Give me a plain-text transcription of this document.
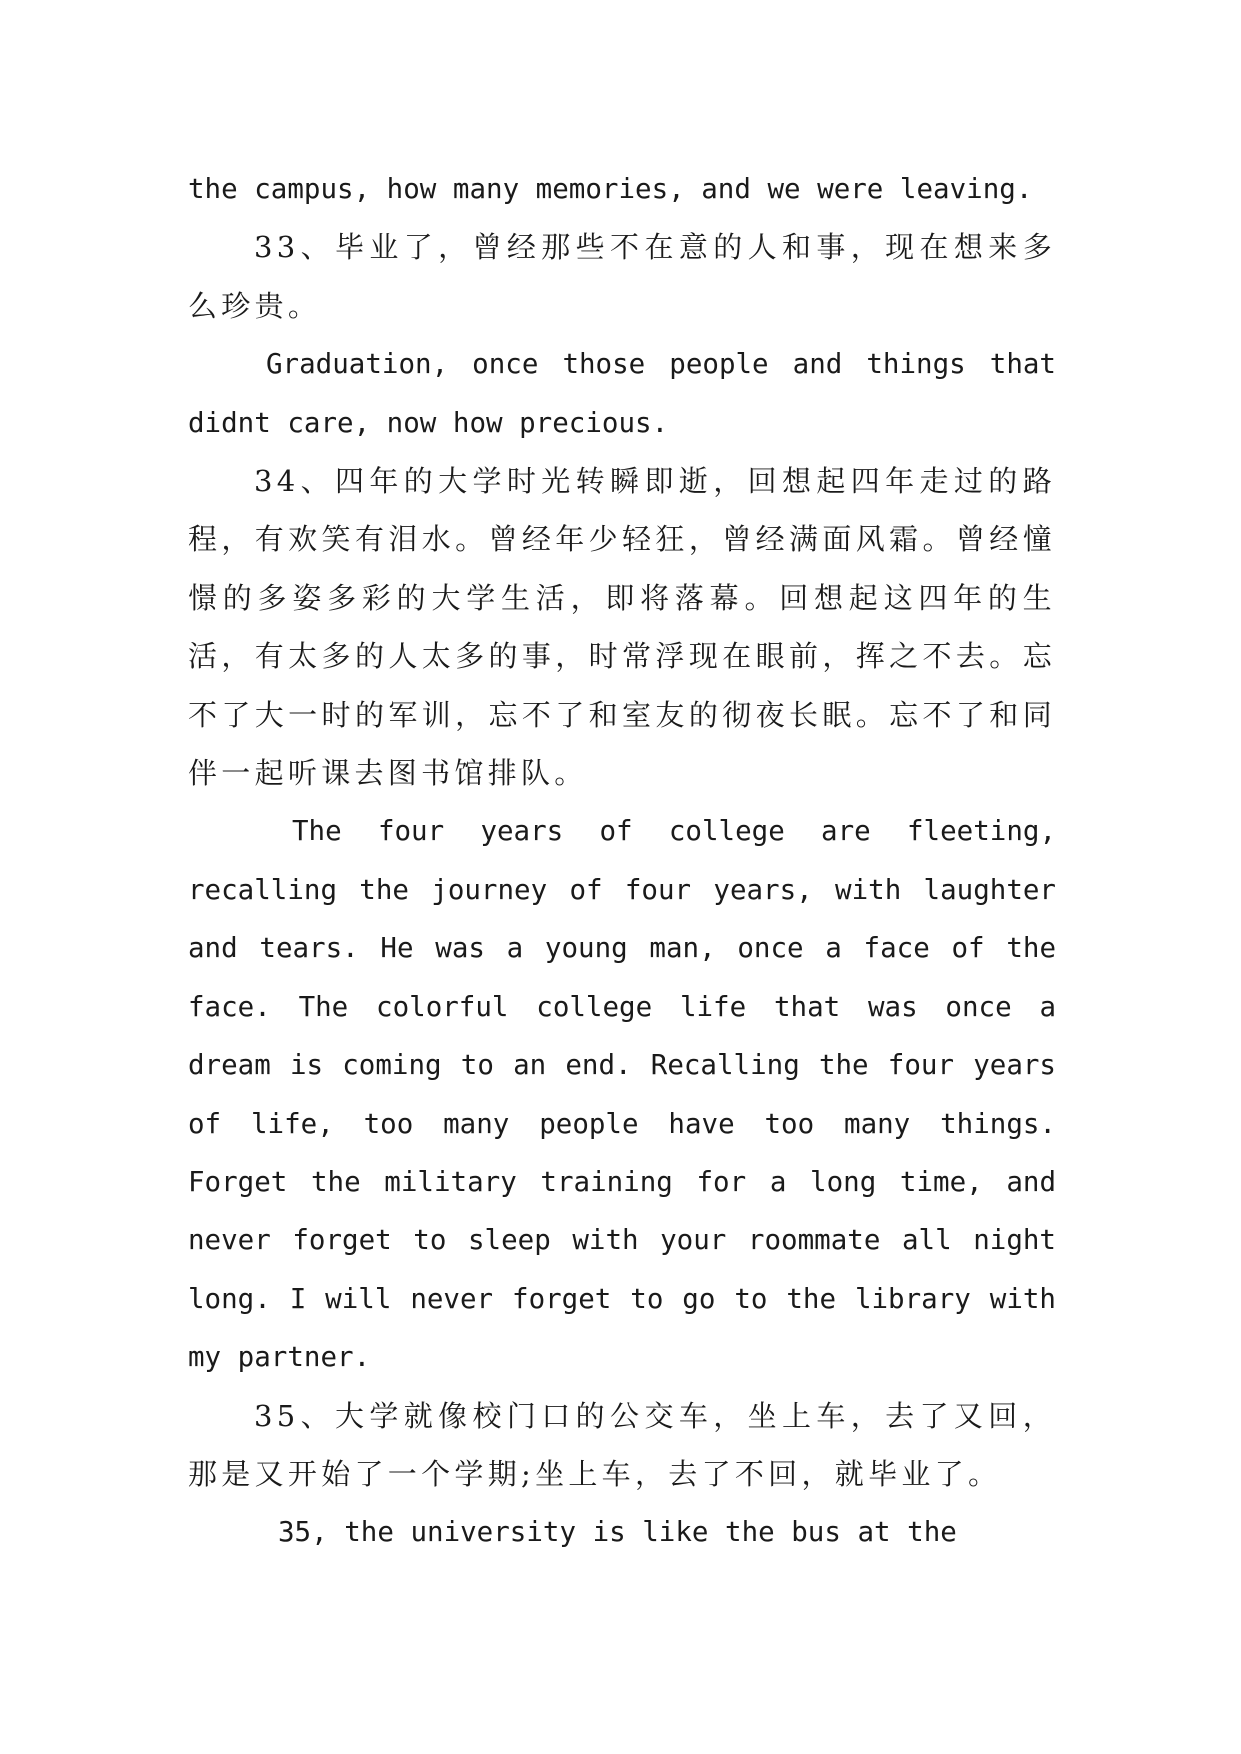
the campus, how many memories, and we were leaving.

33、毕业了，曾经那些不在意的人和事，现在想来多么珍贵。

Graduation, once those people and things that didnt care, now how precious.

34、四年的大学时光转瞬即逝，回想起四年走过的路程，有欢笑有泪水。曾经年少轻狂，曾经满面风霜。曾经憧憬的多姿多彩的大学生活，即将落幕。回想起这四年的生活，有太多的人太多的事，时常浮现在眼前，挥之不去。忘不了大一时的军训，忘不了和室友的彻夜长眠。忘不了和同伴一起听课去图书馆排队。

The four years of college are fleeting, recalling the journey of four years, with laughter and tears. He was a young man, once a face of the face. The colorful college life that was once a dream is coming to an end. Recalling the four years of life, too many people have too many things. Forget the military training for a long time, and never forget to sleep with your roommate all night long. I will never forget to go to the library with my partner.

35、大学就像校门口的公交车，坐上车，去了又回，那是又开始了一个学期;坐上车，去了不回，就毕业了。

35, the university is like the bus at the
